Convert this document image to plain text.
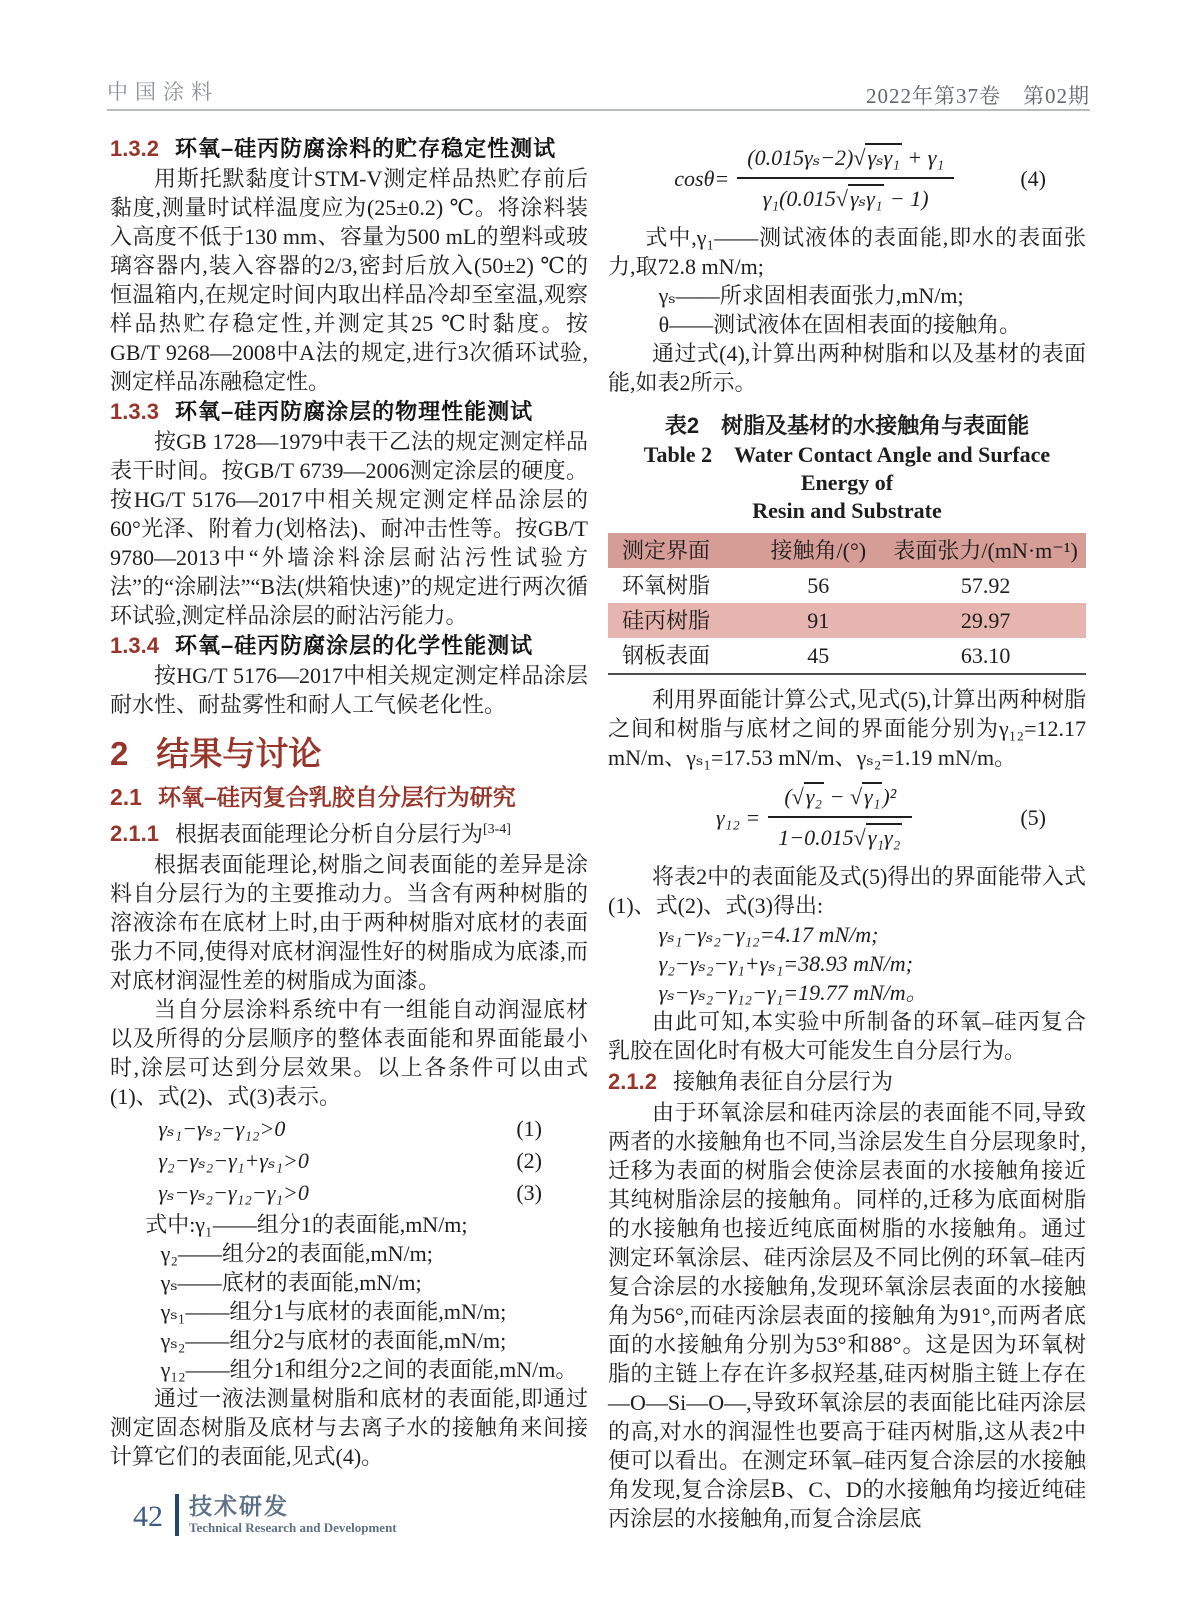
中国涂料	2022年第37卷　第02期
1.3.2 环氧–硅丙防腐涂料的贮存稳定性测试

用斯托默黏度计STM-V测定样品热贮存前后黏度,测量时试样温度应为(25±0.2) ℃。将涂料装入高度不低于130 mm、容量为500 mL的塑料或玻璃容器内,装入容器的2/3,密封后放入(50±2) ℃的恒温箱内,在规定时间内取出样品冷却至室温,观察样品热贮存稳定性,并测定其25 ℃时黏度。按GB/T 9268—2008中A法的规定,进行3次循环试验,测定样品冻融稳定性。

1.3.3 环氧–硅丙防腐涂层的物理性能测试

按GB 1728—1979中表干乙法的规定测定样品表干时间。按GB/T 6739—2006测定涂层的硬度。按HG/T 5176—2017中相关规定测定样品涂层的60°光泽、附着力(划格法)、耐冲击性等。按GB/T 9780—2013中“外墙涂料涂层耐沾污性试验方法”的“涂刷法”“B法(烘箱快速)”的规定进行两次循环试验,测定样品涂层的耐沾污能力。

1.3.4 环氧–硅丙防腐涂层的化学性能测试

按HG/T 5176—2017中相关规定测定样品涂层耐水性、耐盐雾性和耐人工气候老化性。

2 结果与讨论
2.1 环氧–硅丙复合乳胶自分层行为研究
2.1.1 根据表面能理论分析自分层行为[3-4]

根据表面能理论,树脂之间表面能的差异是涂料自分层行为的主要推动力。当含有两种树脂的溶液涂布在底材上时,由于两种树脂对底材的表面张力不同,使得对底材润湿性好的树脂成为底漆,而对底材润湿性差的树脂成为面漆。

当自分层涂料系统中有一组能自动润湿底材以及所得的分层顺序的整体表面能和界面能最小时,涂层可达到分层效果。以上各条件可以由式(1)、式(2)、式(3)表示。

γₛ₁−γₛ₂−γ₁₂>0	(1)
γ₂−γₛ₂−γ₁+γₛ₁>0	(2)
γₛ−γₛ₂−γ₁₂−γ₁>0	(3)

式中:γ₁——组分1的表面能,mN/m;

γ₂——组分2的表面能,mN/m;

γₛ——底材的表面能,mN/m;

γₛ₁——组分1与底材的表面能,mN/m;

γₛ₂——组分2与底材的表面能,mN/m;

γ₁₂——组分1和组分2之间的表面能,mN/m。

通过一液法测量树脂和底材的表面能,即通过测定固态树脂及底材与去离子水的接触角来间接计算它们的表面能,见式(4)。

$\cos\theta= \frac{\text{(0.015γₛ−2)√γₛγ₁ + γ₁}}{\text{γ₁(0.015√γₛγ₁ − 1)}}$	(4)

式中,γ₁——测试液体的表面能,即水的表面张力,取72.8 mN/m;

γₛ——所求固相表面张力,mN/m;

θ——测试液体在固相表面的接触角。

通过式(4),计算出两种树脂和以及基材的表面能,如表2所示。

表2　树脂及基材的水接触角与表面能
Table 2　Water Contact Angle and Surface Energy of
Resin and Substrate
测定界面	接触角/(°)	表面张力/(mN·m⁻¹)
环氧树脂	56	57.92
硅丙树脂	91	29.97
钢板表面	45	63.10

利用界面能计算公式,见式(5),计算出两种树脂之间和树脂与底材之间的界面能分别为γ₁₂=12.17 mN/m、γₛ₁=17.53 mN/m、γₛ₂=1.19 mN/m。

$\gamma_{12} = \frac{\text{(√γ₂ − √γ₁)²}}{\text{1−0.015√γ₁γ₂}}$	(5)

将表2中的表面能及式(5)得出的界面能带入式(1)、式(2)、式(3)得出:

γₛ₁−γₛ₂−γ₁₂=4.17 mN/m;

γ₂−γₛ₂−γ₁+γₛ₁=38.93 mN/m;

γₛ−γₛ₂−γ₁₂−γ₁=19.77 mN/m。

由此可知,本实验中所制备的环氧–硅丙复合乳胶在固化时有极大可能发生自分层行为。

2.1.2 接触角表征自分层行为

由于环氧涂层和硅丙涂层的表面能不同,导致两者的水接触角也不同,当涂层发生自分层现象时,迁移为表面的树脂会使涂层表面的水接触角接近其纯树脂涂层的接触角。同样的,迁移为底面树脂的水接触角也接近纯底面树脂的水接触角。通过测定环氧涂层、硅丙涂层及不同比例的环氧–硅丙复合涂层的水接触角,发现环氧涂层表面的水接触角为56°,而硅丙涂层表面的接触角为91°,而两者底面的水接触角分别为53°和88°。这是因为环氧树脂的主链上存在许多叔羟基,硅丙树脂主链上存在—O—Si—O—,导致环氧涂层的表面能比硅丙涂层的高,对水的润湿性也要高于硅丙树脂,这从表2中便可以看出。在测定环氧–硅丙复合涂层的水接触角发现,复合涂层B、C、D的水接触角均接近纯硅丙涂层的水接触角,而复合涂层底

42 技术研发
Technical Research and Development
